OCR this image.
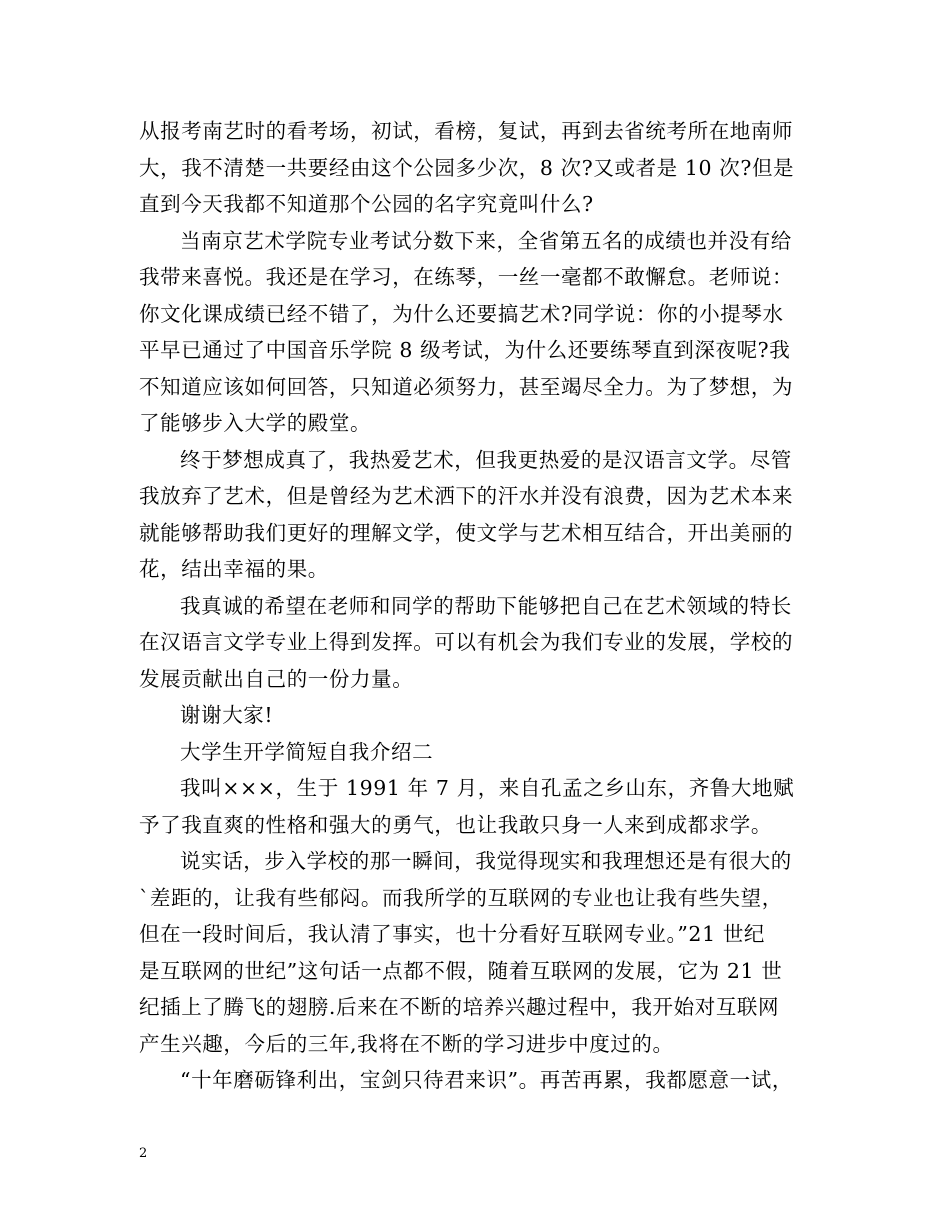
从报考南艺时的看考场，初试，看榜，复试，再到去省统考所在地南师
大，我不清楚一共要经由这个公园多少次，8 次?又或者是 10 次?但是
直到今天我都不知道那个公园的名字究竟叫什么?
当南京艺术学院专业考试分数下来，全省第五名的成绩也并没有给
我带来喜悦。我还是在学习，在练琴，一丝一毫都不敢懈怠。老师说：
你文化课成绩已经不错了，为什么还要搞艺术?同学说：你的小提琴水
平早已通过了中国音乐学院 8 级考试，为什么还要练琴直到深夜呢?我
不知道应该如何回答，只知道必须努力，甚至竭尽全力。为了梦想，为
了能够步入大学的殿堂。
终于梦想成真了，我热爱艺术，但我更热爱的是汉语言文学。尽管
我放弃了艺术，但是曾经为艺术洒下的汗水并没有浪费，因为艺术本来
就能够帮助我们更好的理解文学，使文学与艺术相互结合，开出美丽的
花，结出幸福的果。
我真诚的希望在老师和同学的帮助下能够把自己在艺术领域的特长
在汉语言文学专业上得到发挥。可以有机会为我们专业的发展，学校的
发展贡献出自己的一份力量。
谢谢大家!
大学生开学简短自我介绍二
我叫×××，生于 1991 年 7 月，来自孔孟之乡山东，齐鲁大地赋
予了我直爽的性格和强大的勇气，也让我敢只身一人来到成都求学。
说实话，步入学校的那一瞬间，我觉得现实和我理想还是有很大的
`差距的，让我有些郁闷。而我所学的互联网的专业也让我有些失望，
但在一段时间后，我认清了事实，也十分看好互联网专业。”21 世纪
是互联网的世纪”这句话一点都不假，随着互联网的发展，它为 21 世
纪插上了腾飞的翅膀.后来在不断的培养兴趣过程中，我开始对互联网
产生兴趣，今后的三年,我将在不断的学习进步中度过的。
“十年磨砺锋利出，宝剑只待君来识”。再苦再累，我都愿意一试，
2
